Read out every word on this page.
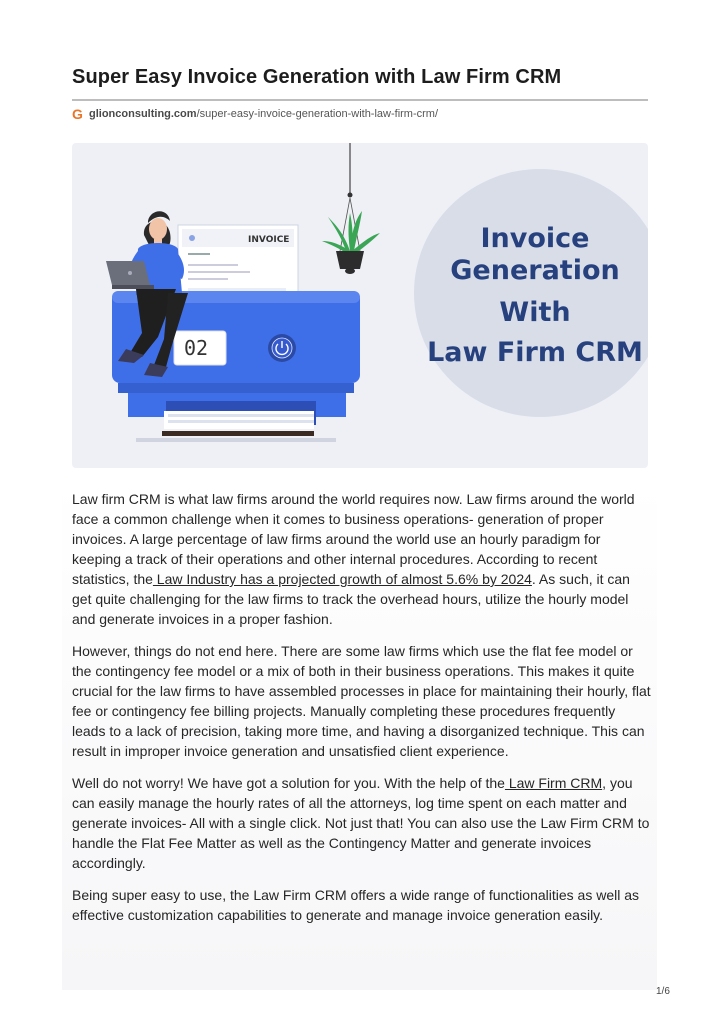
Super Easy Invoice Generation with Law Firm CRM
G glionconsulting.com /super-easy-invoice-generation-with-law-firm-crm/
INVOICE
02
Invoice
Generation
With
Law Firm CRM

Law firm CRM is what law firms around the world requires now. Law firms around the world face a common challenge when it comes to business operations- generation of proper invoices. A large percentage of law firms around the world use an hourly paradigm for keeping a track of their operations and other internal procedures. According to recent statistics, the Law Industry has a projected growth of almost 5.6% by 2024. As such, it can get quite challenging for the law firms to track the overhead hours, utilize the hourly model and generate invoices in a proper fashion.

However, things do not end here. There are some law firms which use the flat fee model or the contingency fee model or a mix of both in their business operations. This makes it quite crucial for the law firms to have assembled processes in place for maintaining their hourly, flat fee or contingency fee billing projects. Manually completing these procedures frequently leads to a lack of precision, taking more time, and having a disorganized technique. This can result in improper invoice generation and unsatisfied client experience.

Well do not worry! We have got a solution for you. With the help of the Law Firm CRM, you can easily manage the hourly rates of all the attorneys, log time spent on each matter and generate invoices- All with a single click. Not just that! You can also use the Law Firm CRM to handle the Flat Fee Matter as well as the Contingency Matter and generate invoices accordingly.

Being super easy to use, the Law Firm CRM offers a wide range of functionalities as well as effective customization capabilities to generate and manage invoice generation easily.

1/6
